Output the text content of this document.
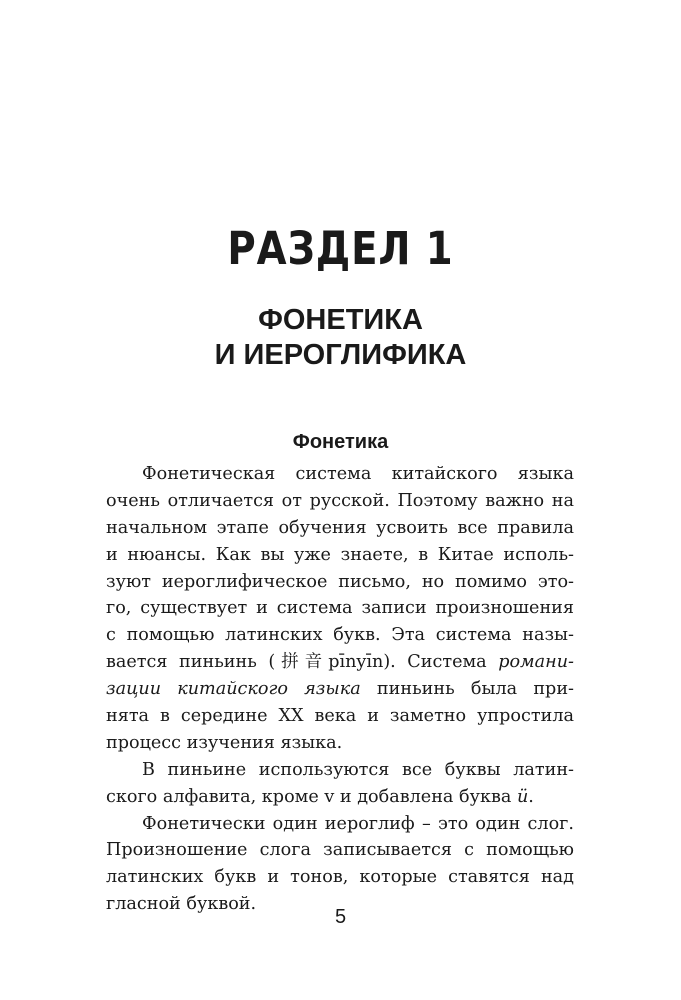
РАЗДЕЛ 1
ФОНЕТИКА
И ИЕРОГЛИФИКА
Фонетика
Фонетическая система китайского языка
очень отличается от русской. Поэтому важно на
начальном этапе обучения усвоить все правила
и нюансы. Как вы уже знаете, в Китае исполь-
зуют иероглифическое письмо, но помимо это-
го, существует и система записи произношения
с помощью латинских букв. Эта система назы-
вается пиньинь (拼音pīnyīn). Система романи-
зации китайского языка пиньинь была при-
нята в середине XX века и заметно упростила
процесс изучения языка.
В пиньине используются все буквы латин-
ского алфавита, кроме v и добавлена буква ü.
Фонетически один иероглиф – это один слог.
Произношение слога записывается с помощью
латинских букв и тонов, которые ставятся над
гласной буквой.
5
